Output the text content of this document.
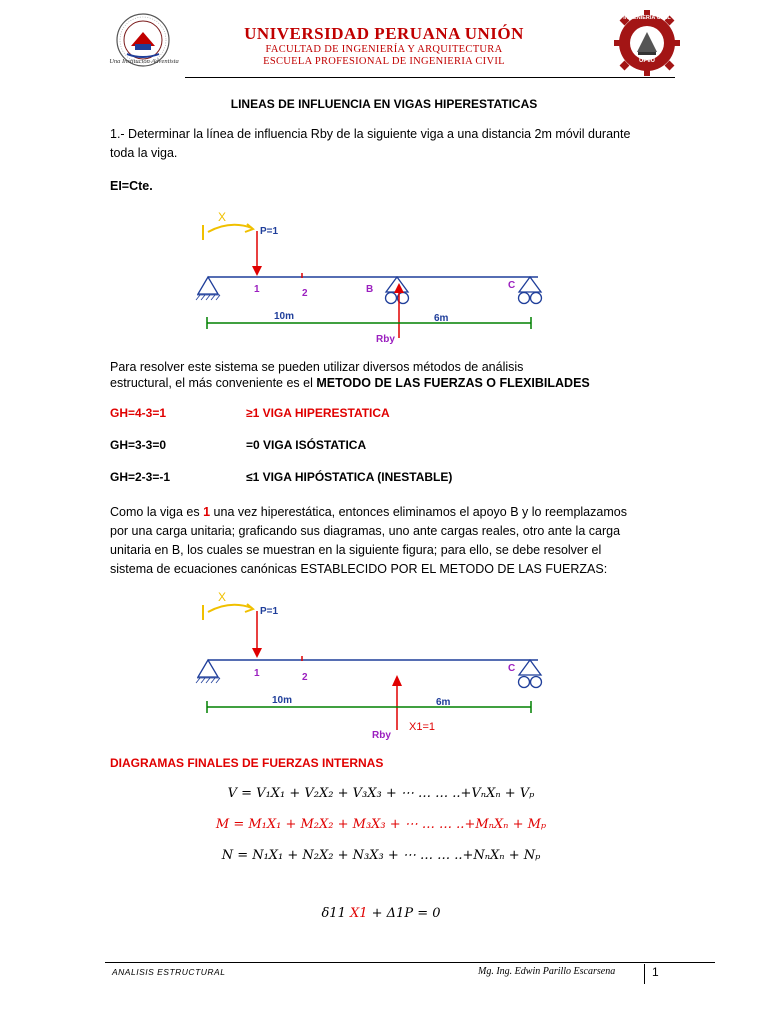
Una Institución Adventista
UNIVERSIDAD PERUANA UNIÓN
FACULTAD DE INGENIERÍA Y ARQUITECTURA
ESCUELA PROFESIONAL DE INGENIERIA CIVIL
INGENIERÍA CIVIL
UPeU
LINEAS DE INFLUENCIA EN VIGAS HIPERESTATICAS
1.- Determinar la línea de influencia Rby de la siguiente viga a una distancia 2m móvil durante
toda la viga.
EI=Cte.
X
P=1
1	2	B	C
10m	6m
Rby
Para resolver este sistema se pueden utilizar diversos métodos de análisis
estructural, el más conveniente es el METODO DE LAS FUERZAS O FLEXIBILADES
GH=4-3=1	≥1 VIGA HIPERESTATICA
GH=3-3=0	=0 VIGA ISÓSTATICA
GH=2-3=-1	≤1 VIGA HIPÓSTATICA (INESTABLE)
Como la viga es 1 una vez hiperestática, entonces eliminamos el apoyo B y lo reemplazamos
por una carga unitaria; graficando sus diagramas, uno ante cargas reales, otro ante la carga
unitaria en B, los cuales se muestran en la siguiente figura; para ello, se debe resolver el
sistema de ecuaciones canónicas ESTABLECIDO POR EL METODO DE LAS FUERZAS:
X
P=1
1	2
C
10m	6m
Rby
X1=1
DIAGRAMAS FINALES DE FUERZAS INTERNAS
V = V₁X₁ + V₂X₂ + V₃X₃ + ⋯ … … ..+VₙXₙ + Vₚ
M = M₁X₁ + M₂X₂ + M₃X₃ + ⋯ … … ..+MₙXₙ + Mₚ
N = N₁X₁ + N₂X₂ + N₃X₃ + ⋯ … … ..+NₙXₙ + Nₚ
δ11 X1 + Δ1P = 0
ANALISIS ESTRUCTURAL	Mg. Ing. Edwin Parillo Escarsena	1
